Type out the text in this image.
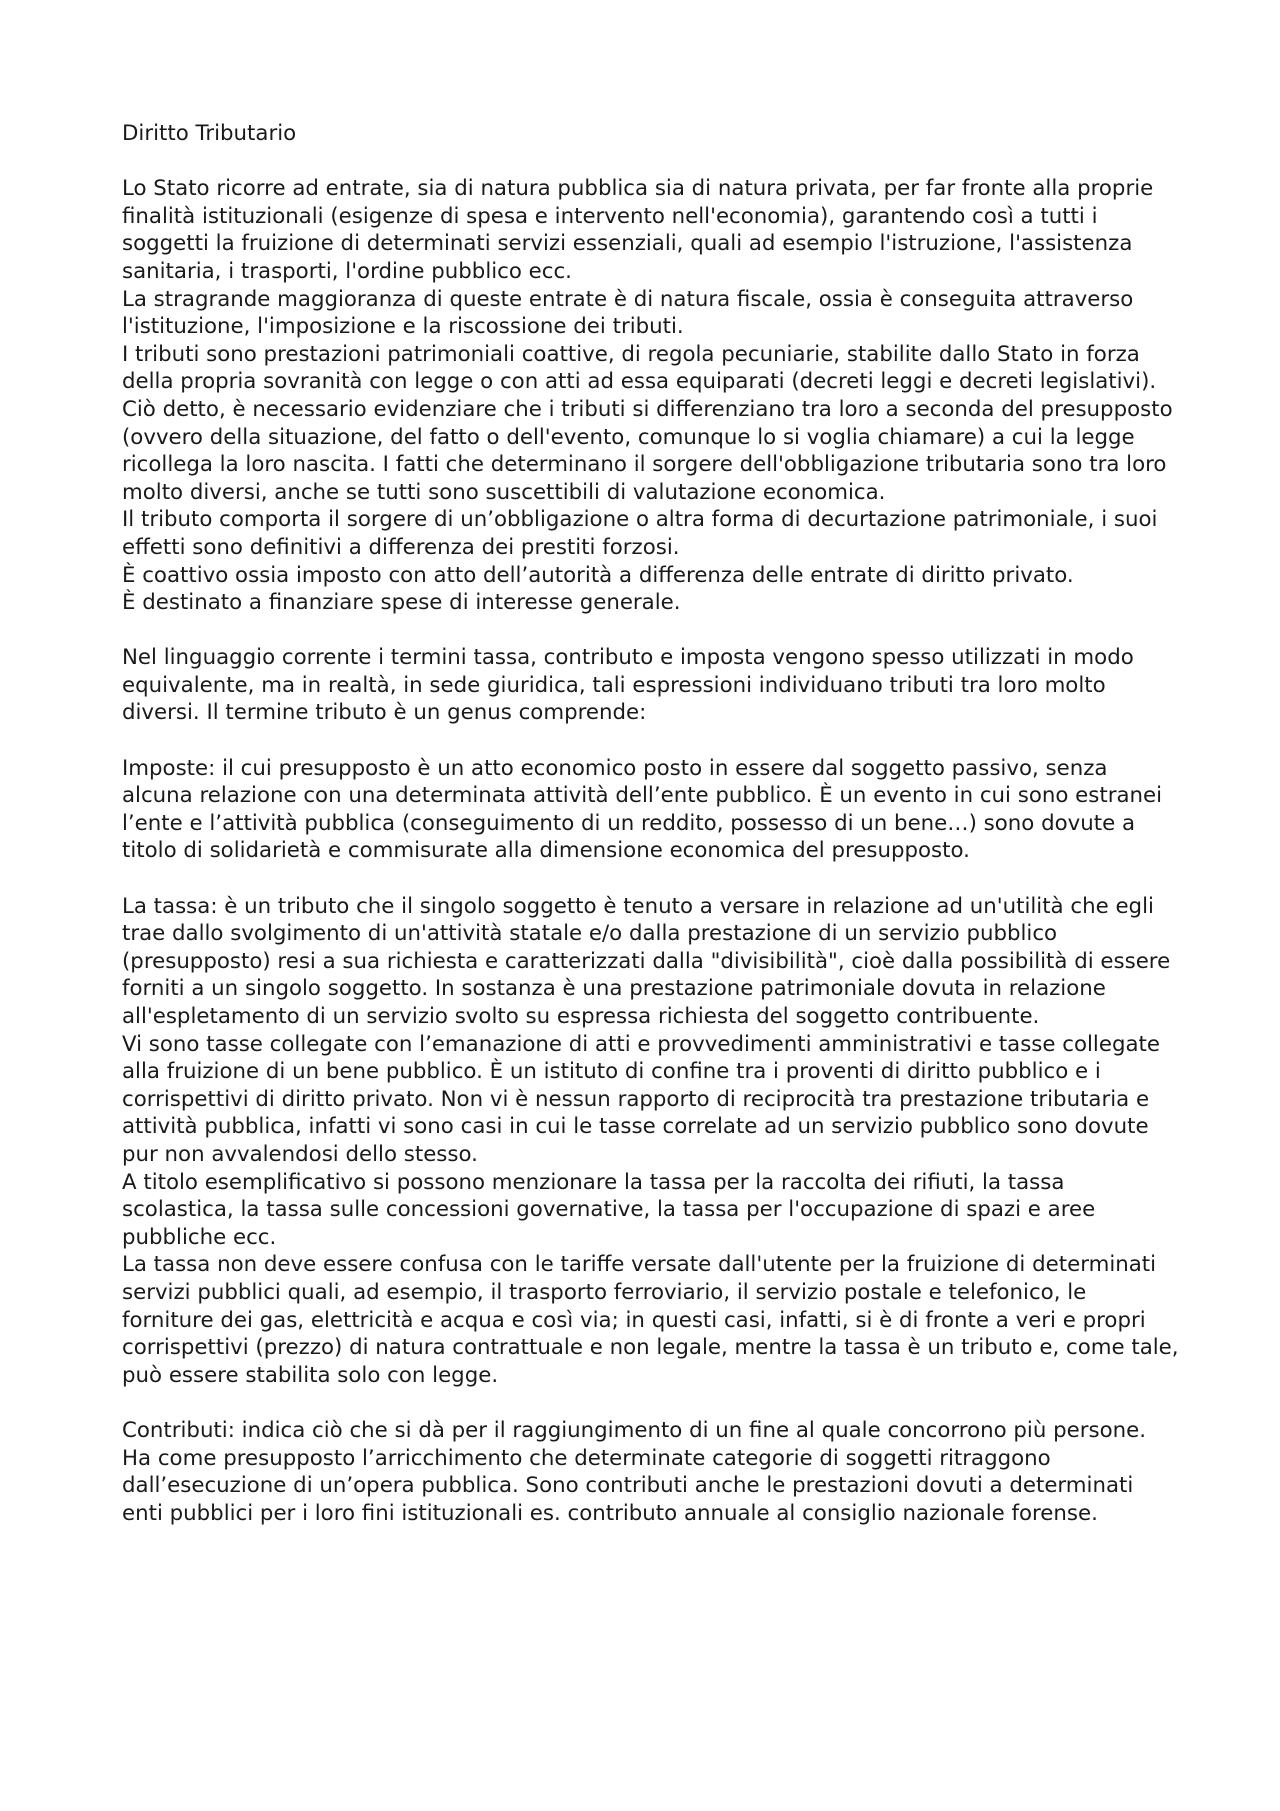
Diritto Tributario

Lo Stato ricorre ad entrate, sia di natura pubblica sia di natura privata, per far fronte alla proprie finalità istituzionali (esigenze di spesa e intervento nell'economia), garantendo così a tutti i soggetti la fruizione di determinati servizi essenziali, quali ad esempio l'istruzione, l'assistenza sanitaria, i trasporti, l'ordine pubblico ecc.

La stragrande maggioranza di queste entrate è di natura fiscale, ossia è conseguita attraverso l'istituzione, l'imposizione e la riscossione dei tributi.

I tributi sono prestazioni patrimoniali coattive, di regola pecuniarie, stabilite dallo Stato in forza della propria sovranità con legge o con atti ad essa equiparati (decreti leggi e decreti legislativi). Ciò detto, è necessario evidenziare che i tributi si differenziano tra loro a seconda del presupposto (ovvero della situazione, del fatto o dell'evento, comunque lo si voglia chiamare) a cui la legge ricollega la loro nascita. I fatti che determinano il sorgere dell'obbligazione tributaria sono tra loro molto diversi, anche se tutti sono suscettibili di valutazione economica.

Il tributo comporta il sorgere di un’obbligazione o altra forma di decurtazione patrimoniale, i suoi effetti sono definitivi a differenza dei prestiti forzosi.

È coattivo ossia imposto con atto dell’autorità a differenza delle entrate di diritto privato.

È destinato a finanziare spese di interesse generale.

Nel linguaggio corrente i termini tassa, contributo e imposta vengono spesso utilizzati in modo equivalente, ma in realtà, in sede giuridica, tali espressioni individuano tributi tra loro molto diversi. Il termine tributo è un genus comprende:

Imposte: il cui presupposto è un atto economico posto in essere dal soggetto passivo, senza alcuna relazione con una determinata attività dell’ente pubblico. È un evento in cui sono estranei l’ente e l’attività pubblica (conseguimento di un reddito, possesso di un bene…) sono dovute a titolo di solidarietà e commisurate alla dimensione economica del presupposto.

La tassa: è un tributo che il singolo soggetto è tenuto a versare in relazione ad un'utilità che egli trae dallo svolgimento di un'attività statale e/o dalla prestazione di un servizio pubblico (presupposto) resi a sua richiesta e caratterizzati dalla "divisibilità", cioè dalla possibilità di essere forniti a un singolo soggetto. In sostanza è una prestazione patrimoniale dovuta in relazione all'espletamento di un servizio svolto su espressa richiesta del soggetto contribuente.

Vi sono tasse collegate con l’emanazione di atti e provvedimenti amministrativi e tasse collegate alla fruizione di un bene pubblico. È un istituto di confine tra i proventi di diritto pubblico e i corrispettivi di diritto privato. Non vi è nessun rapporto di reciprocità tra prestazione tributaria e attività pubblica, infatti vi sono casi in cui le tasse correlate ad un servizio pubblico sono dovute pur non avvalendosi dello stesso.

A titolo esemplificativo si possono menzionare la tassa per la raccolta dei rifiuti, la tassa scolastica, la tassa sulle concessioni governative, la tassa per l'occupazione di spazi e aree pubbliche ecc.

La tassa non deve essere confusa con le tariffe versate dall'utente per la fruizione di determinati servizi pubblici quali, ad esempio, il trasporto ferroviario, il servizio postale e telefonico, le forniture dei gas, elettricità e acqua e così via; in questi casi, infatti, si è di fronte a veri e propri corrispettivi (prezzo) di natura contrattuale e non legale, mentre la tassa è un tributo e, come tale, può essere stabilita solo con legge.

Contributi: indica ciò che si dà per il raggiungimento di un fine al quale concorrono più persone. Ha come presupposto l’arricchimento che determinate categorie di soggetti ritraggono dall’esecuzione di un’opera pubblica. Sono contributi anche le prestazioni dovuti a determinati enti pubblici per i loro fini istituzionali es. contributo annuale al consiglio nazionale forense.
